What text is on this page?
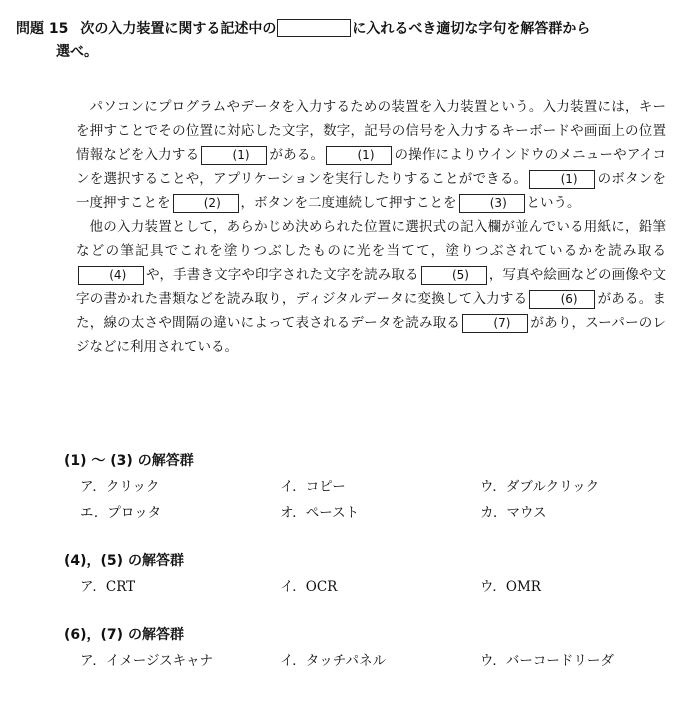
問題 15 次の入力装置に関する記述中の	に入れるべき適切な字句を解答群から
選べ。

パソコンにプログラムやデータを入力するための装置を入力装置という。入力装置には，キーを押すことでその位置に対応した文字，数字，記号の信号を入力するキーボードや画面上の位置情報などを入力する	(1) がある。	(1) の操作によりウインドウのメニューやアイコンを選択することや，アプリケーションを実行したりすることができる。	(1) のボタンを一度押すことを	(2) ，ボタンを二度連続して押すことを	(3) という。

他の入力装置として，あらかじめ決められた位置に選択式の記入欄が並んでいる用紙に，鉛筆などの筆記具でこれを塗りつぶしたものに光を当てて，塗りつぶされているかを読み取る(4) や，手書き文字や印字された文字を読み取る	(5) ，写真や絵画などの画像や文字の書かれた書類などを読み取り，ディジタルデータに変換して入力する	(6) がある。また，線の太さや間隔の違いによって表されるデータを読み取る	(7) があり，スーパーのレジなどに利用されている。

(1) 〜 (3) の解答群
ア．クリック	イ．コピー	ウ．ダブルクリック
エ．プロッタ	オ．ペースト	カ．マウス
(4)，(5) の解答群
ア．CRT	イ．OCR	ウ．OMR
(6)，(7) の解答群
ア．イメージスキャナ	イ．タッチパネル	ウ．バーコードリーダ
